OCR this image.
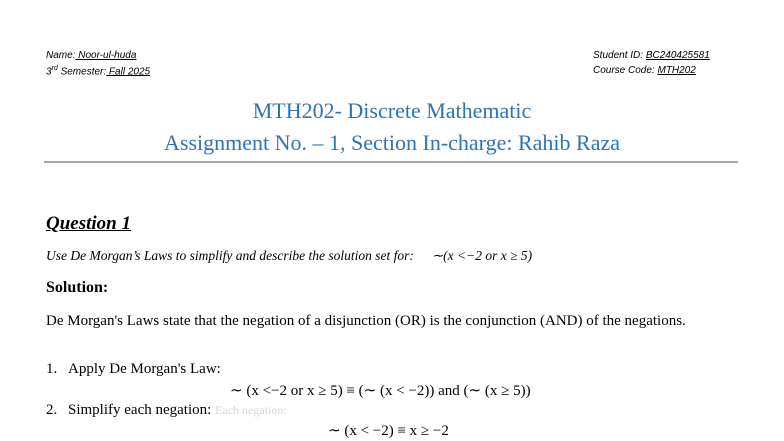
Name: Noor-ul-huda
3rd Semester: Fall 2025
Student ID: BC240425581
Course Code: MTH202
MTH202- Discrete Mathematic
Assignment No. – 1, Section In-charge: Rahib Raza
Question 1
Use De Morgan’s Laws to simplify and describe the solution set for: ∼(x <−2 or x ≥ 5)
Solution:
De Morgan's Laws state that the negation of a disjunction (OR) is the conjunction (AND) of the negations.
1. Apply De Morgan's Law:
∼ (x <−2 or x ≥ 5) ≡ (∼ (x < −2)) and (∼ (x ≥ 5))
2. Simplify each negation: Each negation:
∼ (x < −2) ≡ x ≥ −2
